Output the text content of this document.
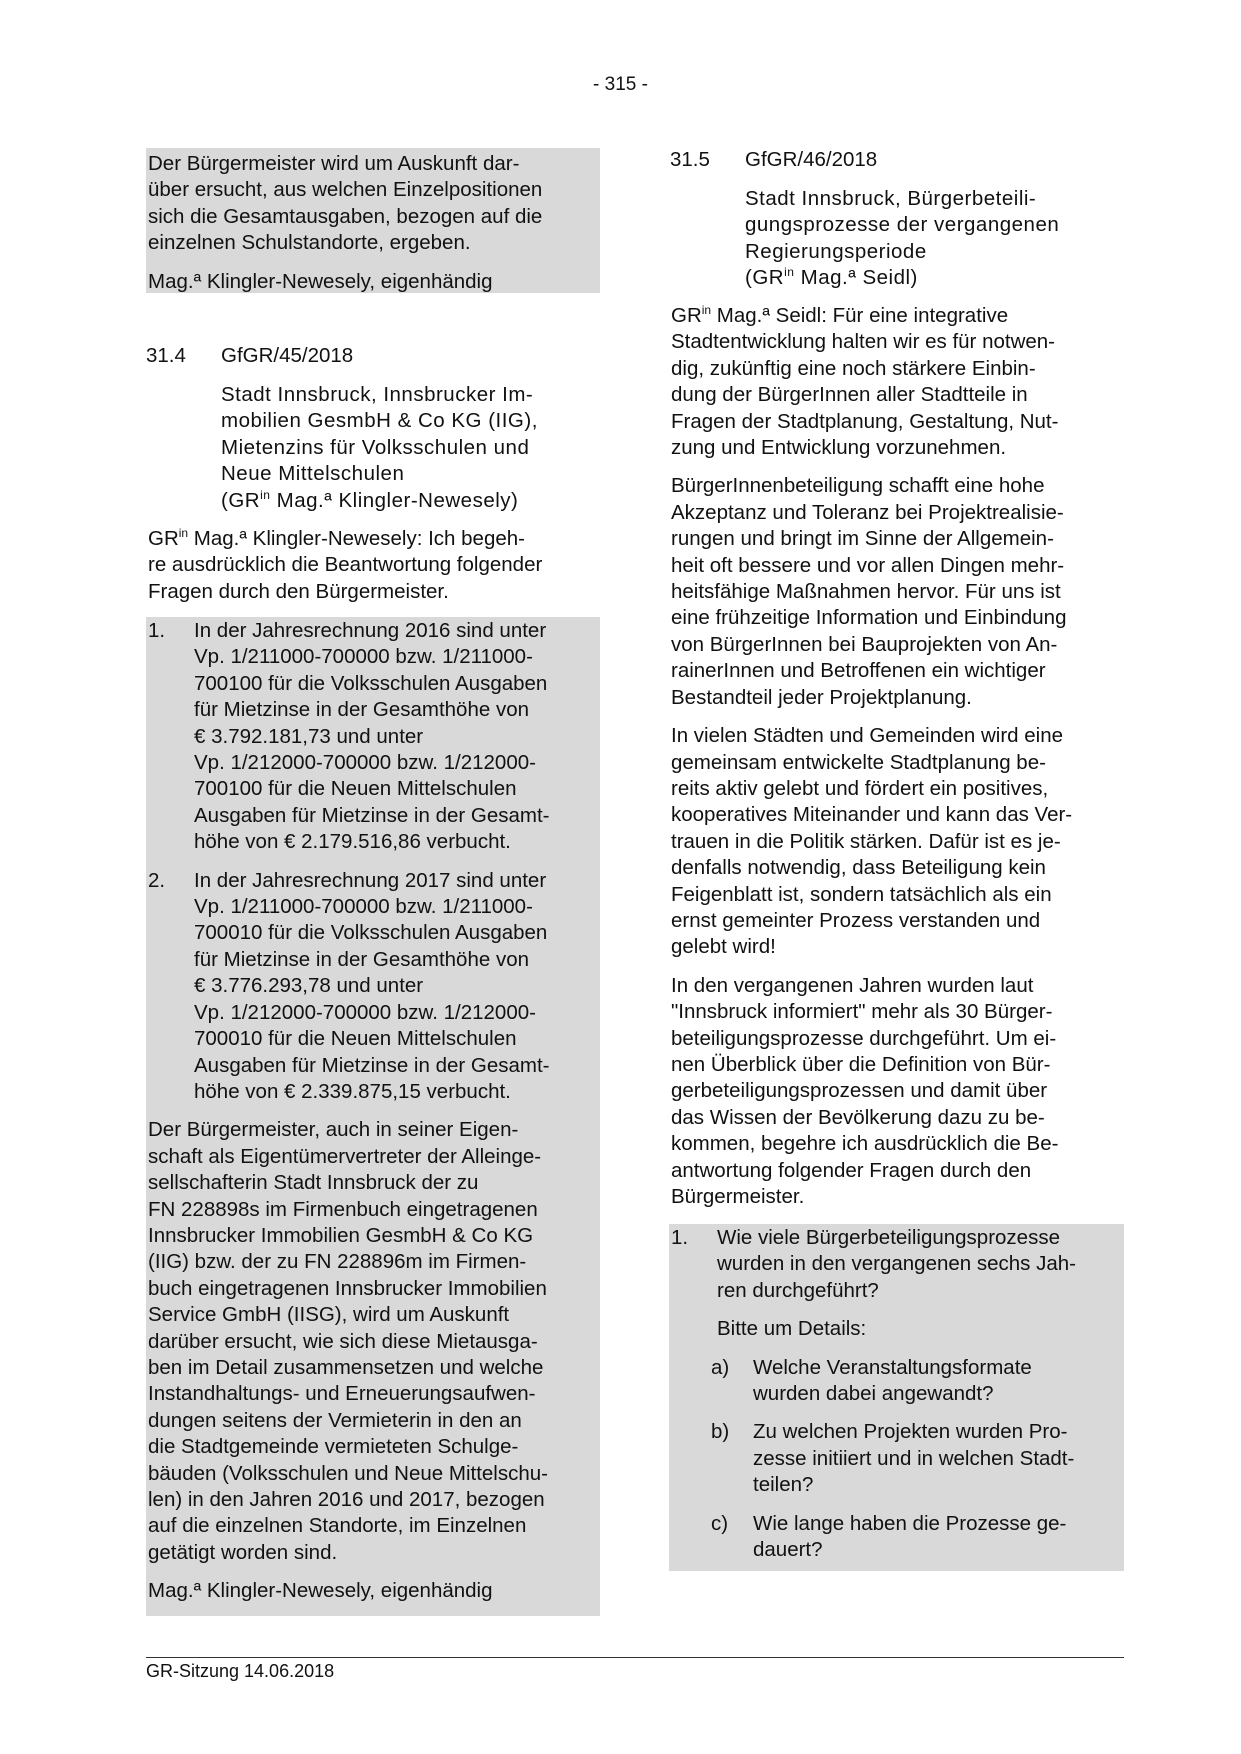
- 315 -

Der Bürgermeister wird um Auskunft dar-
über ersucht, aus welchen Einzelpositionen
sich die Gesamtausgaben, bezogen auf die
einzelnen Schulstandorte, ergeben.

Mag.ª Klingler-Newesely, eigenhändig

31.4	GfGR/45/2018
Stadt Innsbruck, Innsbrucker Im-
mobilien GesmbH & Co KG (IIG),
Mietenzins für Volksschulen und
Neue Mittelschulen
($GR^{in}$ Mag.ª Klingler-Newesely)

$GR^{in}$ Mag.ª Klingler-Newesely: Ich begeh-
re ausdrücklich die Beantwortung folgender
Fragen durch den Bürgermeister.

1.	In der Jahresrechnung 2016 sind unter
Vp. 1/211000-700000 bzw. 1/211000-
700100 für die Volksschulen Ausgaben
für Mietzinse in der Gesamthöhe von
€ 3.792.181,73 und unter
Vp. 1/212000-700000 bzw. 1/212000-
700100 für die Neuen Mittelschulen
Ausgaben für Mietzinse in der Gesamt-
höhe von € 2.179.516,86 verbucht.
2.	In der Jahresrechnung 2017 sind unter
Vp. 1/211000-700000 bzw. 1/211000-
700010 für die Volksschulen Ausgaben
für Mietzinse in der Gesamthöhe von
€ 3.776.293,78 und unter
Vp. 1/212000-700000 bzw. 1/212000-
700010 für die Neuen Mittelschulen
Ausgaben für Mietzinse in der Gesamt-
höhe von € 2.339.875,15 verbucht.

Der Bürgermeister, auch in seiner Eigen-
schaft als Eigentümervertreter der Alleinge-
sellschafterin Stadt Innsbruck der zu
FN 228898s im Firmenbuch eingetragenen
Innsbrucker Immobilien GesmbH & Co KG
(IIG) bzw. der zu FN 228896m im Firmen-
buch eingetragenen Innsbrucker Immobilien
Service GmbH (IISG), wird um Auskunft
darüber ersucht, wie sich diese Mietausga-
ben im Detail zusammensetzen und welche
Instandhaltungs- und Erneuerungsaufwen-
dungen seitens der Vermieterin in den an
die Stadtgemeinde vermieteten Schulge-
bäuden (Volksschulen und Neue Mittelschu-
len) in den Jahren 2016 und 2017, bezogen
auf die einzelnen Standorte, im Einzelnen
getätigt worden sind.

Mag.ª Klingler-Newesely, eigenhändig

31.5	GfGR/46/2018
Stadt Innsbruck, Bürgerbeteili-
gungsprozesse der vergangenen
Regierungsperiode
($GR^{in}$ Mag.ª Seidl)

$GR^{in}$ Mag.ª Seidl: Für eine integrative
Stadtentwicklung halten wir es für notwen-
dig, zukünftig eine noch stärkere Einbin-
dung der BürgerInnen aller Stadtteile in
Fragen der Stadtplanung, Gestaltung, Nut-
zung und Entwicklung vorzunehmen.

BürgerInnenbeteiligung schafft eine hohe
Akzeptanz und Toleranz bei Projektrealisie-
rungen und bringt im Sinne der Allgemein-
heit oft bessere und vor allen Dingen mehr-
heitsfähige Maßnahmen hervor. Für uns ist
eine frühzeitige Information und Einbindung
von BürgerInnen bei Bauprojekten von An-
rainerInnen und Betroffenen ein wichtiger
Bestandteil jeder Projektplanung.

In vielen Städten und Gemeinden wird eine
gemeinsam entwickelte Stadtplanung be-
reits aktiv gelebt und fördert ein positives,
kooperatives Miteinander und kann das Ver-
trauen in die Politik stärken. Dafür ist es je-
denfalls notwendig, dass Beteiligung kein
Feigenblatt ist, sondern tatsächlich als ein
ernst gemeinter Prozess verstanden und
gelebt wird!

In den vergangenen Jahren wurden laut
"Innsbruck informiert" mehr als 30 Bürger-
beteiligungsprozesse durchgeführt. Um ei-
nen Überblick über die Definition von Bür-
gerbeteiligungsprozessen und damit über
das Wissen der Bevölkerung dazu zu be-
kommen, begehre ich ausdrücklich die Be-
antwortung folgender Fragen durch den
Bürgermeister.

1.	Wie viele Bürgerbeteiligungsprozesse
wurden in den vergangenen sechs Jah-
ren durchgeführt?

Bitte um Details:

a)	Welche Veranstaltungsformate
wurden dabei angewandt?
b)	Zu welchen Projekten wurden Pro-
zesse initiiert und in welchen Stadt-
teilen?
c)	Wie lange haben die Prozesse ge-
dauert?
GR-Sitzung 14.06.2018
